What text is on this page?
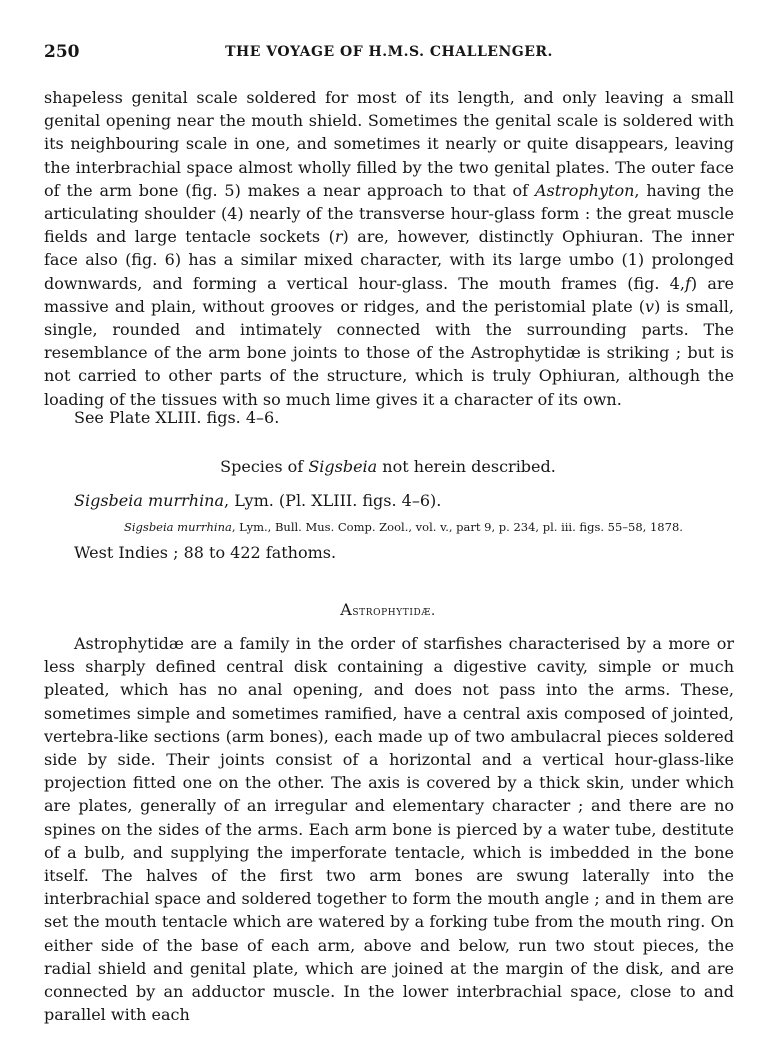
250	THE VOYAGE OF H.M.S. CHALLENGER.
shapeless genital scale soldered for most of its length, and only leaving a small genital opening near the mouth shield. Sometimes the genital scale is soldered with its neighbouring scale in one, and sometimes it nearly or quite disappears, leaving the interbrachial space almost wholly filled by the two genital plates. The outer face of the arm bone (fig. 5) makes a near approach to that of Astrophyton, having the articulating shoulder (4) nearly of the transverse hour-glass form : the great muscle fields and large tentacle sockets (r) are, however, distinctly Ophiuran. The inner face also (fig. 6) has a similar mixed character, with its large umbo (1) prolonged downwards, and forming a vertical hour-glass. The mouth frames (fig. 4,f) are massive and plain, without grooves or ridges, and the peristomial plate (v) is small, single, rounded and intimately connected with the surrounding parts. The resemblance of the arm bone joints to those of the Astrophytidæ is striking ; but is not carried to other parts of the structure, which is truly Ophiuran, although the loading of the tissues with so much lime gives it a character of its own.
See Plate XLIII. figs. 4–6.
Species of Sigsbeia not herein described.
Sigsbeia murrhina, Lym. (Pl. XLIII. figs. 4–6).
Sigsbeia murrhina, Lym., Bull. Mus. Comp. Zool., vol. v., part 9, p. 234, pl. iii. figs. 55–58, 1878.
West Indies ; 88 to 422 fathoms.
Astrophytidæ.
Astrophytidæ are a family in the order of starfishes characterised by a more or less sharply defined central disk containing a digestive cavity, simple or much pleated, which has no anal opening, and does not pass into the arms. These, sometimes simple and sometimes ramified, have a central axis composed of jointed, vertebra-like sections (arm bones), each made up of two ambulacral pieces soldered side by side. Their joints consist of a horizontal and a vertical hour-glass-like projection fitted one on the other. The axis is covered by a thick skin, under which are plates, generally of an irregular and elementary character ; and there are no spines on the sides of the arms. Each arm bone is pierced by a water tube, destitute of a bulb, and supplying the imperforate tentacle, which is imbedded in the bone itself. The halves of the first two arm bones are swung laterally into the interbrachial space and soldered together to form the mouth angle ; and in them are set the mouth tentacle which are watered by a forking tube from the mouth ring. On either side of the base of each arm, above and below, run two stout pieces, the radial shield and genital plate, which are joined at the margin of the disk, and are connected by an adductor muscle. In the lower interbrachial space, close to and parallel with each
